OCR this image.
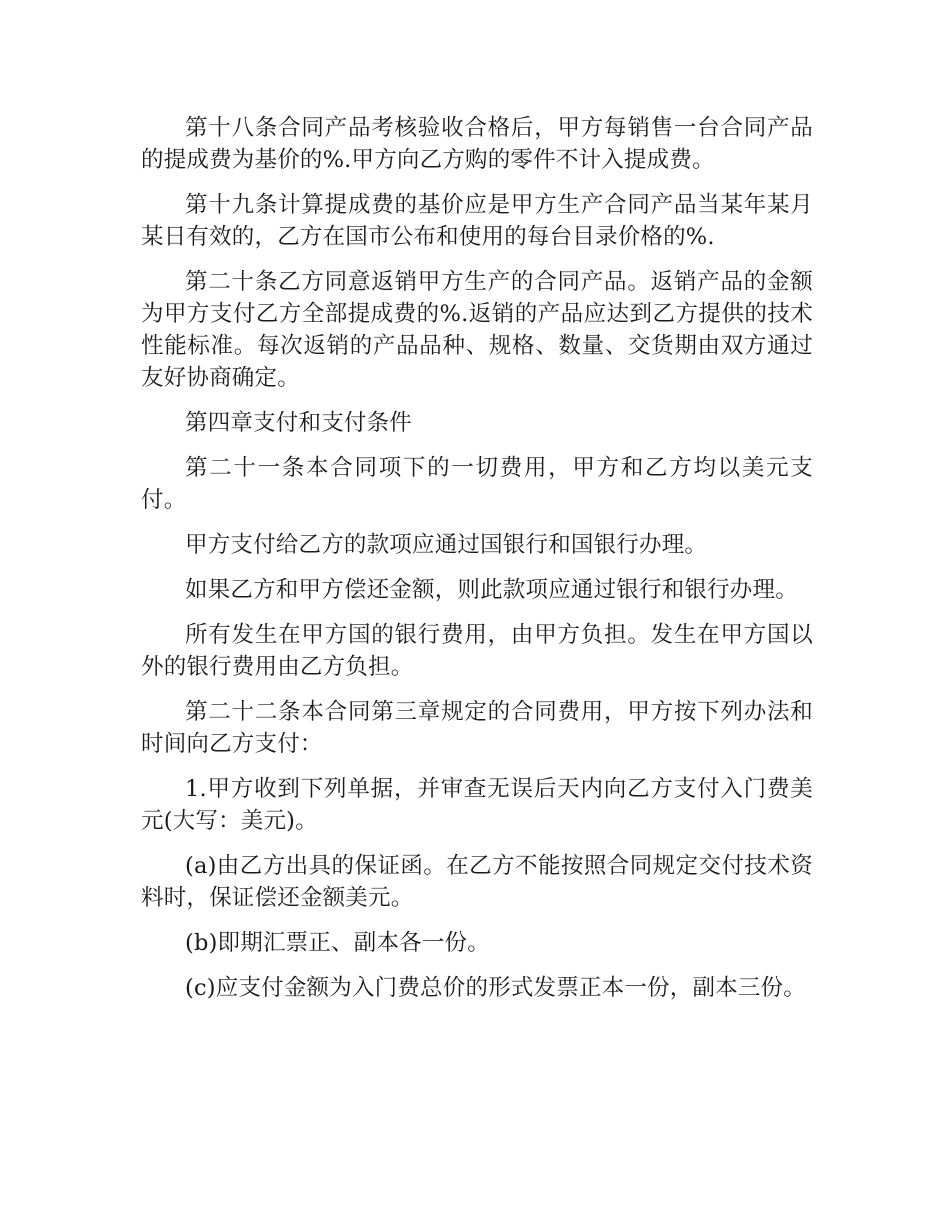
第十八条合同产品考核验收合格后，甲方每销售一台合同产品的提成费为基价的%.甲方向乙方购的零件不计入提成费。

第十九条计算提成费的基价应是甲方生产合同产品当某年某月某日有效的，乙方在国市公布和使用的每台目录价格的%.

第二十条乙方同意返销甲方生产的合同产品。返销产品的金额为甲方支付乙方全部提成费的%.返销的产品应达到乙方提供的技术性能标准。每次返销的产品品种、规格、数量、交货期由双方通过友好协商确定。

第四章支付和支付条件

第二十一条本合同项下的一切费用，甲方和乙方均以美元支付。

甲方支付给乙方的款项应通过国银行和国银行办理。

如果乙方和甲方偿还金额，则此款项应通过银行和银行办理。

所有发生在甲方国的银行费用，由甲方负担。发生在甲方国以外的银行费用由乙方负担。

第二十二条本合同第三章规定的合同费用，甲方按下列办法和时间向乙方支付：

1.甲方收到下列单据，并审查无误后天内向乙方支付入门费美元(大写：美元)。

(a)由乙方出具的保证函。在乙方不能按照合同规定交付技术资料时，保证偿还金额美元。

(b)即期汇票正、副本各一份。

(c)应支付金额为入门费总价的形式发票正本一份，副本三份。
